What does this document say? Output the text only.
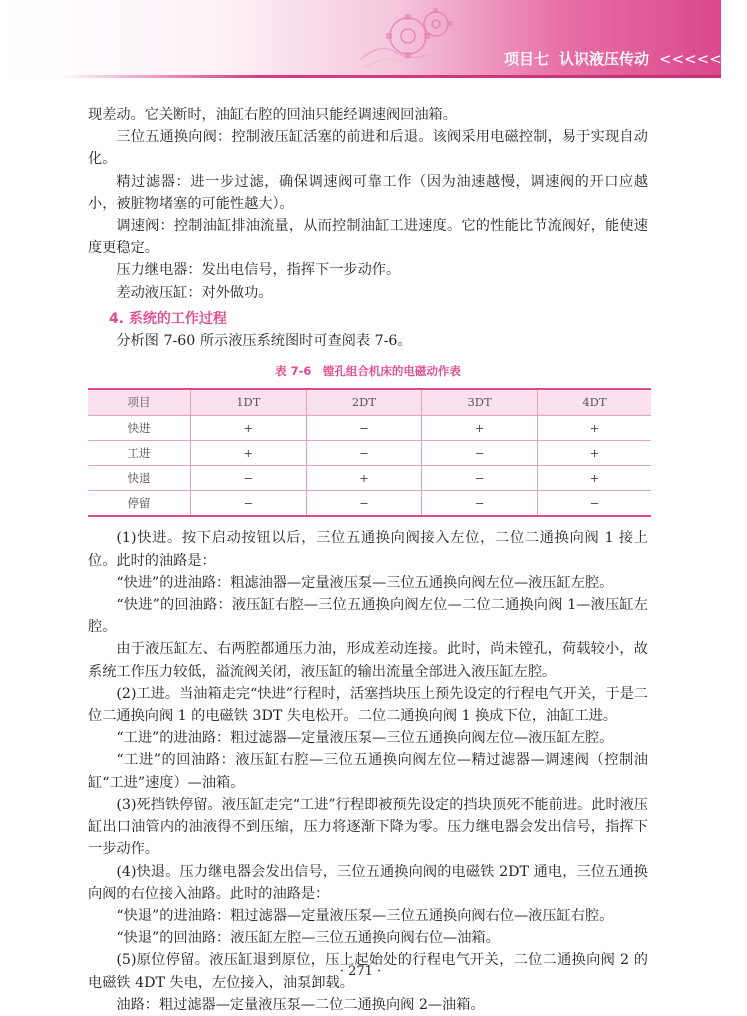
项目七 认识液压传动 <<<<<<<

现差动。它关断时，油缸右腔的回油只能经调速阀回油箱。

三位五通换向阀：控制液压缸活塞的前进和后退。该阀采用电磁控制，易于实现自动化。

精过滤器：进一步过滤，确保调速阀可靠工作（因为油速越慢，调速阀的开口应越小，被脏物堵塞的可能性越大）。

调速阀：控制油缸排油流量，从而控制油缸工进速度。它的性能比节流阀好，能使速度更稳定。

压力继电器：发出电信号，指挥下一步动作。

差动液压缸：对外做功。

4. 系统的工作过程

分析图 7-60 所示液压系统图时可查阅表 7-6。

表 7-6　镗孔组合机床的电磁动作表
项目	1DT	2DT	3DT	4DT
快进	+	−	+	+
工进	+	−	−	+
快退	−	+	−	+
停留	−	−	−	−

(1)快进。按下启动按钮以后，三位五通换向阀接入左位，二位二通换向阀 1 接上位。此时的油路是：

“快进”的进油路：粗滤油器—定量液压泵—三位五通换向阀左位—液压缸左腔。

“快进”的回油路：液压缸右腔—三位五通换向阀左位—二位二通换向阀 1—液压缸左腔。

由于液压缸左、右两腔都通压力油，形成差动连接。此时，尚未镗孔，荷载较小，故系统工作压力较低，溢流阀关闭，液压缸的输出流量全部进入液压缸左腔。

(2)工进。当油箱走完“快进”行程时，活塞挡块压上预先设定的行程电气开关，于是二位二通换向阀 1 的电磁铁 3DT 失电松开。二位二通换向阀 1 换成下位，油缸工进。

“工进”的进油路：粗过滤器—定量液压泵—三位五通换向阀左位—液压缸左腔。

“工进”的回油路：液压缸右腔—三位五通换向阀左位—精过滤器—调速阀（控制油缸“工进”速度）—油箱。

(3)死挡铁停留。液压缸走完“工进”行程即被预先设定的挡块顶死不能前进。此时液压缸出口油管内的油液得不到压缩，压力将逐渐下降为零。压力继电器会发出信号，指挥下一步动作。

(4)快退。压力继电器会发出信号，三位五通换向阀的电磁铁 2DT 通电，三位五通换向阀的右位接入油路。此时的油路是：

“快退”的进油路：粗过滤器—定量液压泵—三位五通换向阀右位—液压缸右腔。

“快退”的回油路：液压缸左腔—三位五通换向阀右位—油箱。

(5)原位停留。液压缸退到原位，压上起始处的行程电气开关，二位二通换向阀 2 的电磁铁 4DT 失电，左位接入，油泵卸载。

油路：粗过滤器—定量液压泵—二位二通换向阀 2—油箱。

· 271 ·
